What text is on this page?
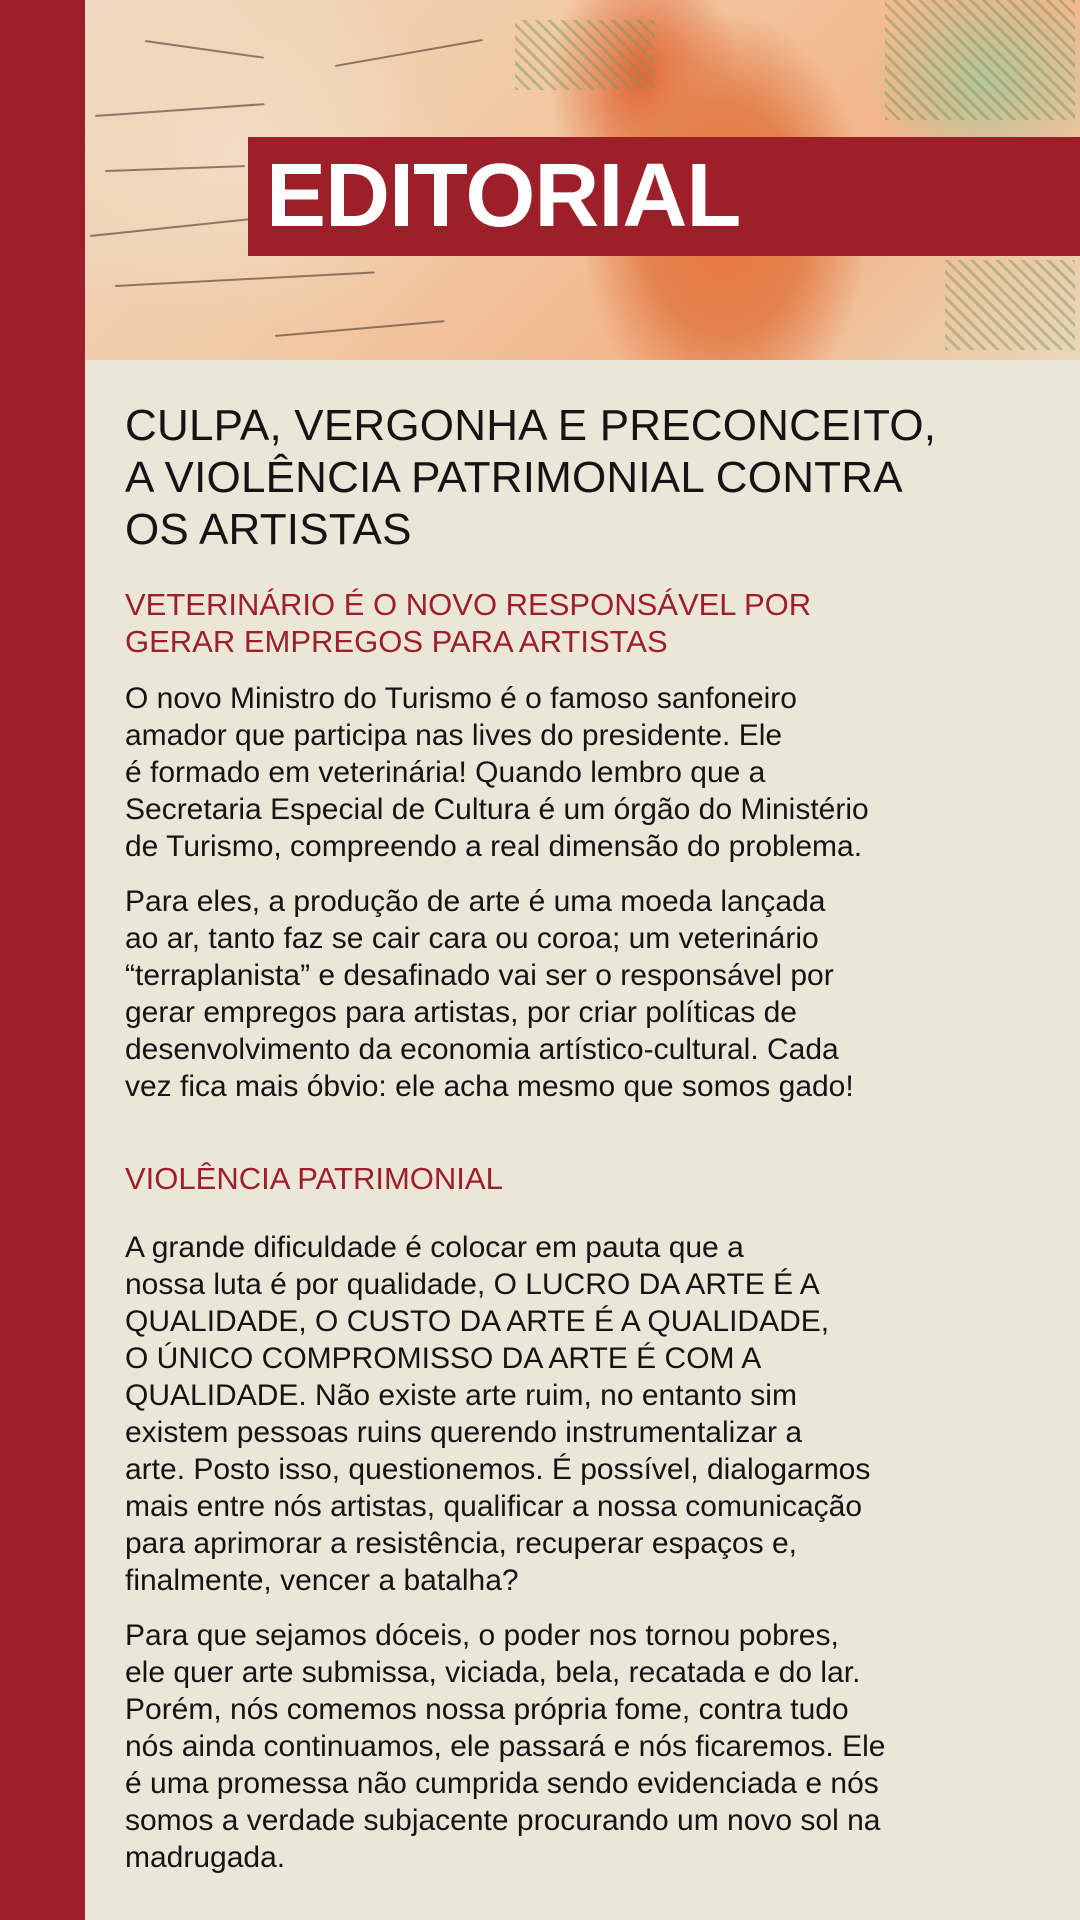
EDITORIAL
CULPA, VERGONHA E PRECONCEITO,
A VIOLÊNCIA PATRIMONIAL CONTRA
OS ARTISTAS
VETERINÁRIO É O NOVO RESPONSÁVEL POR
GERAR EMPREGOS PARA ARTISTAS

O novo Ministro do Turismo é o famoso sanfoneiro
amador que participa nas lives do presidente. Ele
é formado em veterinária! Quando lembro que a
Secretaria Especial de Cultura é um órgão do Ministério
de Turismo, compreendo a real dimensão do problema.

Para eles, a produção de arte é uma moeda lançada
ao ar, tanto faz se cair cara ou coroa; um veterinário
“terraplanista” e desafinado vai ser o responsável por
gerar empregos para artistas, por criar políticas de
desenvolvimento da economia artístico-cultural. Cada
vez fica mais óbvio: ele acha mesmo que somos gado!

VIOLÊNCIA PATRIMONIAL

A grande dificuldade é colocar em pauta que a
nossa luta é por qualidade, O LUCRO DA ARTE É A
QUALIDADE, O CUSTO DA ARTE É A QUALIDADE,
O ÚNICO COMPROMISSO DA ARTE É COM A
QUALIDADE. Não existe arte ruim, no entanto sim
existem pessoas ruins querendo instrumentalizar a
arte. Posto isso, questionemos. É possível, dialogarmos
mais entre nós artistas, qualificar a nossa comunicação
para aprimorar a resistência, recuperar espaços e,
finalmente, vencer a batalha?

Para que sejamos dóceis, o poder nos tornou pobres,
ele quer arte submissa, viciada, bela, recatada e do lar.
Porém, nós comemos nossa própria fome, contra tudo
nós ainda continuamos, ele passará e nós ficaremos. Ele
é uma promessa não cumprida sendo evidenciada e nós
somos a verdade subjacente procurando um novo sol na
madrugada.
